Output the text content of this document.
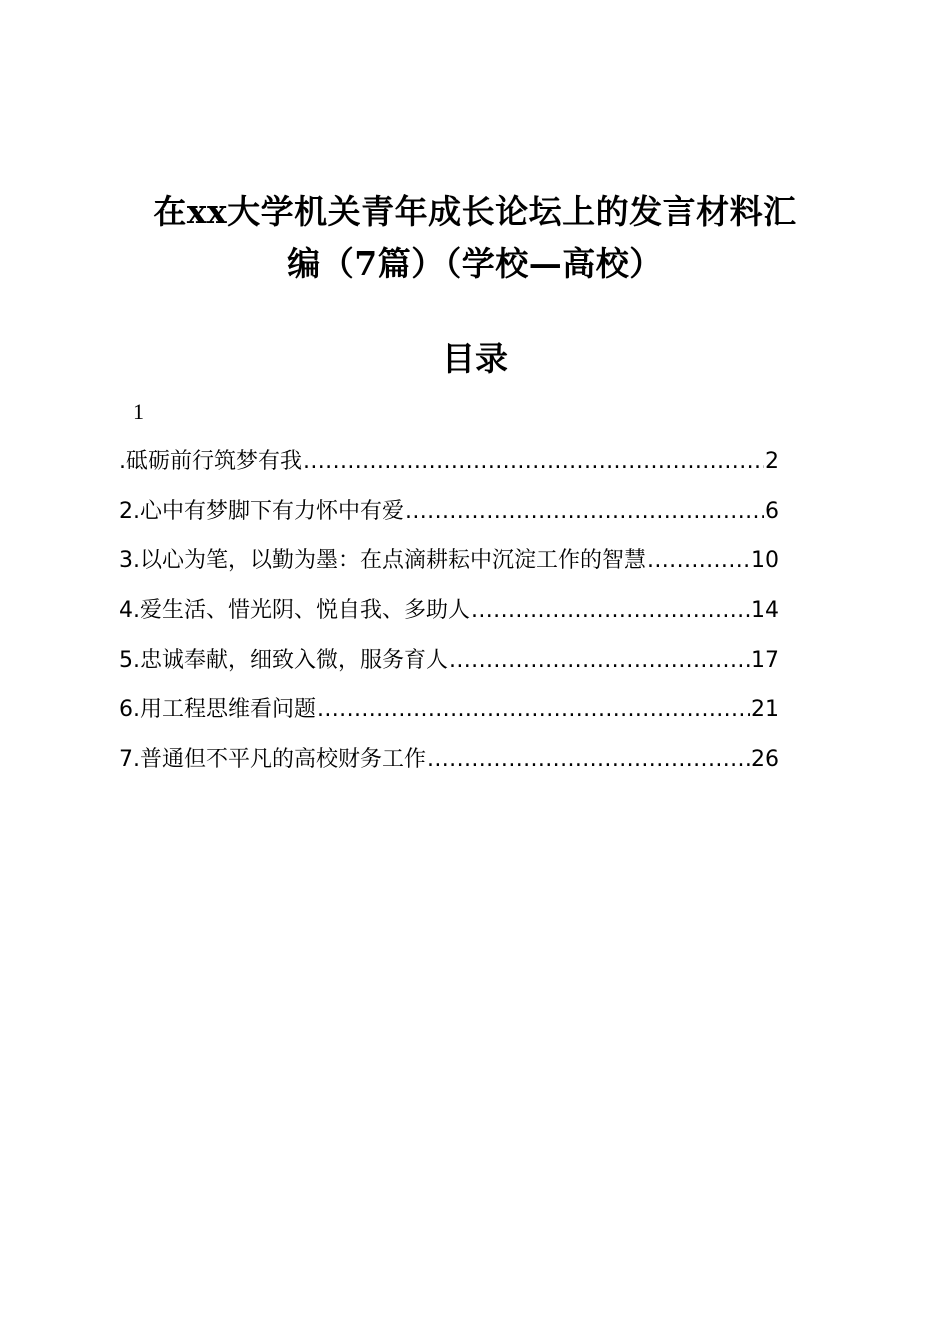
在xx大学机关青年成长论坛上的发言材料汇
编（7篇）（学校—高校）
目录
1
.砥砺前行筑梦有我 .....	2
2.心中有梦脚下有力怀中有爱 .....	6
3.以心为笔，以勤为墨：在点滴耕耘中沉淀工作的智慧 .....	10
4.爱生活、惜光阴、悦自我、多助人 .....	14
5.忠诚奉献，细致入微，服务育人 .....	17
6.用工程思维看问题 .....	21
7.普通但不平凡的高校财务工作 .....	26
